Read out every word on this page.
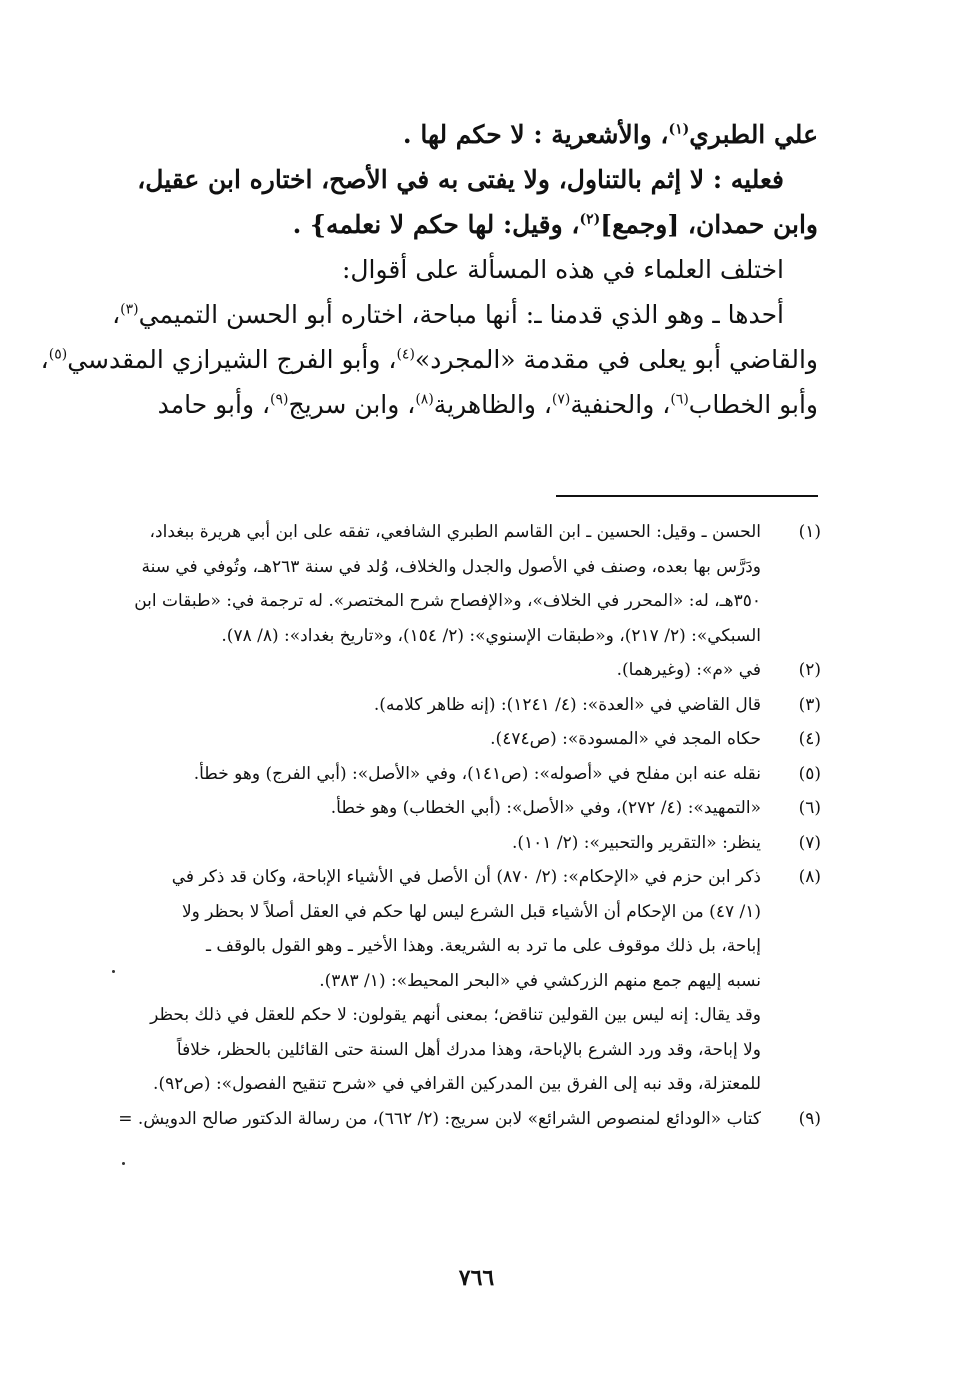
علي الطبري$^{(١)}$، والأشعرية : لا حكم لها .
فعليه : لا إثم بالتناول، ولا يفتى به في الأصح، اختاره ابن عقيل،
وابن حمدان، [وجمع]$^{(٢)}$، وقيل: لها حكم لا نعلمه} .
اختلف العلماء في هذه المسألة على أقوال:
أحدها ـ وهو الذي قدمنا ـ: أنها مباحة، اختاره أبو الحسن التميمي$^{(٣)}$،
والقاضي أبو يعلى في مقدمة «المجرد»$^{(٤)}$، وأبو الفرج الشيرازي المقدسي$^{(٥)}$،
وأبو الخطاب$^{(٦)}$، والحنفية$^{(٧)}$، والظاهرية$^{(٨)}$، وابن سريج$^{(٩)}$، وأبو حامد
(١)
الحسن ـ وقيل: الحسين ـ ابن القاسم الطبري الشافعي، تفقه على ابن أبي هريرة ببغداد،
ودَرَّس بها بعده، وصنف في الأصول والجدل والخلاف، وُلد في سنة ٢٦٣هـ، وتُوفي في سنة
٣٥٠هـ، له: «المحرر في الخلاف»، و«الإفصاح شرح المختصر». له ترجمة في: «طبقات ابن
السبكي»: (٢/ ٢١٧)، و«طبقات الإسنوي»: (٢/ ١٥٤)، و«تاريخ بغداد»: (٨/ ٧٨).
(٢)
في «م»: (وغيرهما).
(٣)
قال القاضي في «العدة»: (٤/ ١٢٤١): (إنه ظاهر كلامه).
(٤)
حكاه المجد في «المسودة»: (ص٤٧٤).
(٥)
نقله عنه ابن مفلح في «أصوله»: (ص١٤١)، وفي «الأصل»: (أبي الفرج) وهو خطأ.
(٦)
«التمهيد»: (٤/ ٢٧٢)، وفي «الأصل»: (أبي الخطاب) وهو خطأ.
(٧)
ينظر: «التقرير والتحبير»: (٢/ ١٠١).
(٨)
ذكر ابن حزم في «الإحكام»: (٢/ ٨٧٠) أن الأصل في الأشياء الإباحة، وكان قد ذكر في
(١/ ٤٧) من الإحكام أن الأشياء قبل الشرع ليس لها حكم في العقل أصلاً لا بحظر ولا
إباحة، بل ذلك موقوف على ما ترد به الشريعة. وهذا الأخير ـ وهو القول بالوقف ـ
نسبه إليهم جمع منهم الزركشي في «البحر المحيط»: (١/ ٣٨٣).
وقد يقال: إنه ليس بين القولين تناقض؛ بمعنى أنهم يقولون: لا حكم للعقل في ذلك بحظر
ولا إباحة، وقد ورد الشرع بالإباحة، وهذا مدرك أهل السنة حتى القائلين بالحظر، خلافاً
للمعتزلة، وقد نبه إلى الفرق بين المدركين القرافي في «شرح تنقيح الفصول»: (ص٩٢).
(٩)
كتاب «الودائع لمنصوص الشرائع» لابن سريج: (٢/ ٦٦٢)، من رسالة الدكتور صالح الدويش. =
٧٦٦
